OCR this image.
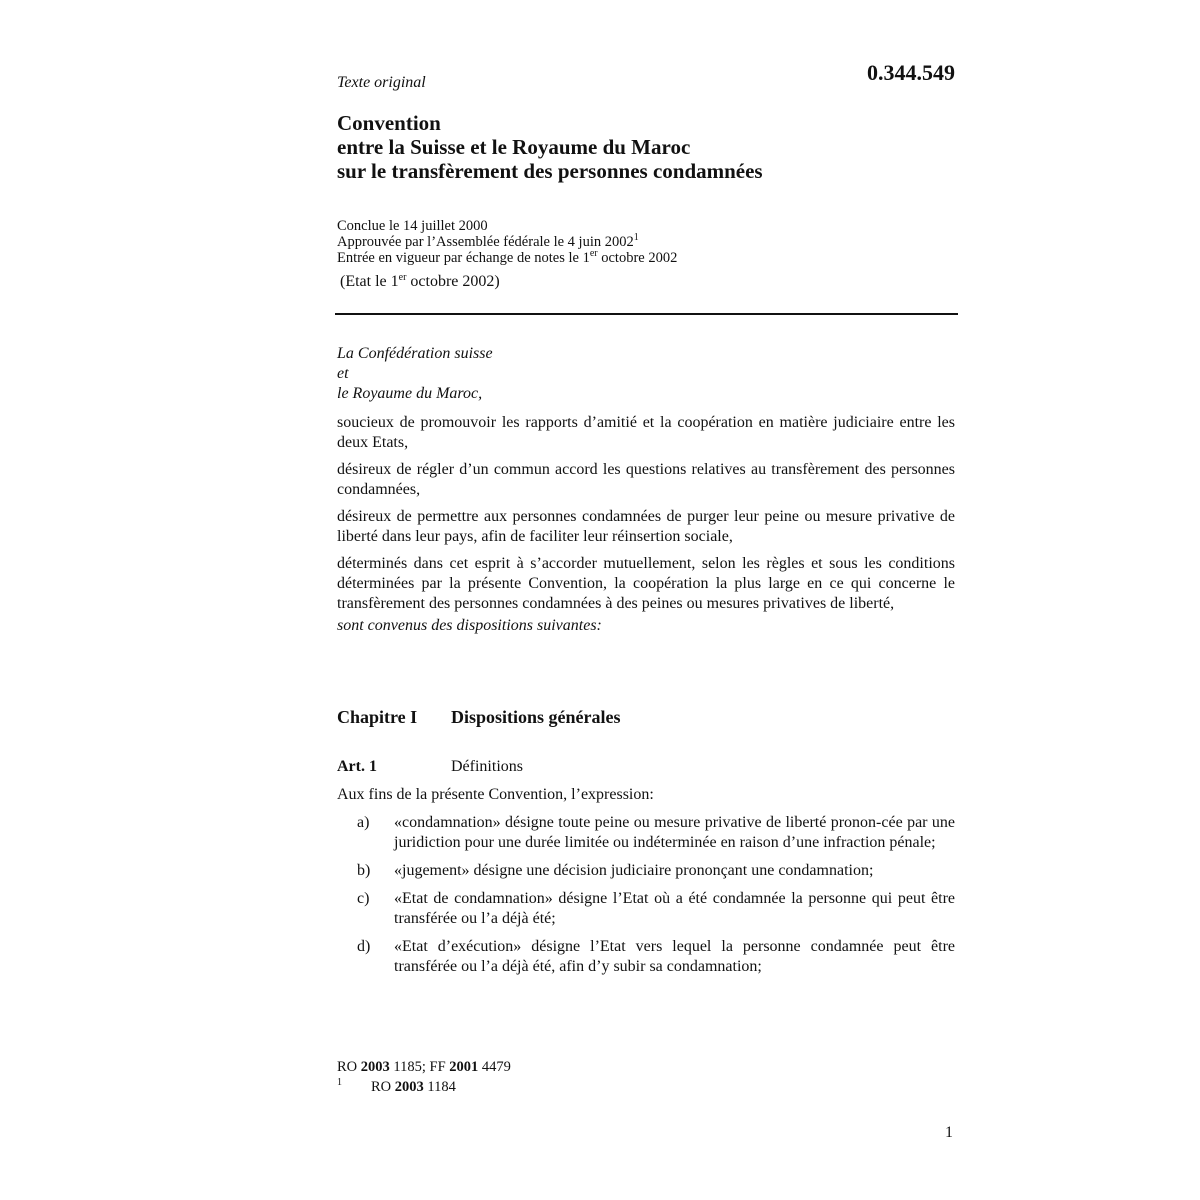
0.344.549

Texte original

Convention
entre la Suisse et le Royaume du Maroc
sur le transfèrement des personnes condamnées
Conclue le 14 juillet 2000
Approuvée par l’Assemblée fédérale le 4 juin 2002$^1$
Entrée en vigueur par échange de notes le 1er octobre 2002

(Etat le 1er octobre 2002)

La Confédération suisse
et
le Royaume du Maroc,

soucieux de promouvoir les rapports d’amitié et la coopération en matière judiciaire entre les deux Etats,

désireux de régler d’un commun accord les questions relatives au transfèrement des personnes condamnées,

désireux de permettre aux personnes condamnées de purger leur peine ou mesure privative de liberté dans leur pays, afin de faciliter leur réinsertion sociale,

déterminés dans cet esprit à s’accorder mutuellement, selon les règles et sous les conditions déterminées par la présente Convention, la coopération la plus large en ce qui concerne le transfèrement des personnes condamnées à des peines ou mesures privatives de liberté,

sont convenus des dispositions suivantes:

Chapitre I Dispositions générales
Art. 1	Définitions

Aux fins de la présente Convention, l’expression:

a) «condamnation» désigne toute peine ou mesure privative de liberté pronon-cée par une juridiction pour une durée limitée ou indéterminée en raison d’une infraction pénale;
b) «jugement» désigne une décision judiciaire prononçant une condamnation;
c) «Etat de condamnation» désigne l’Etat où a été condamnée la personne qui peut être transférée ou l’a déjà été;
d) «Etat d’exécution» désigne l’Etat vers lequel la personne condamnée peut être transférée ou l’a déjà été, afin d’y subir sa condamnation;
RO 2003 1185; FF 2001 4479
1 RO 2003 1184

1
